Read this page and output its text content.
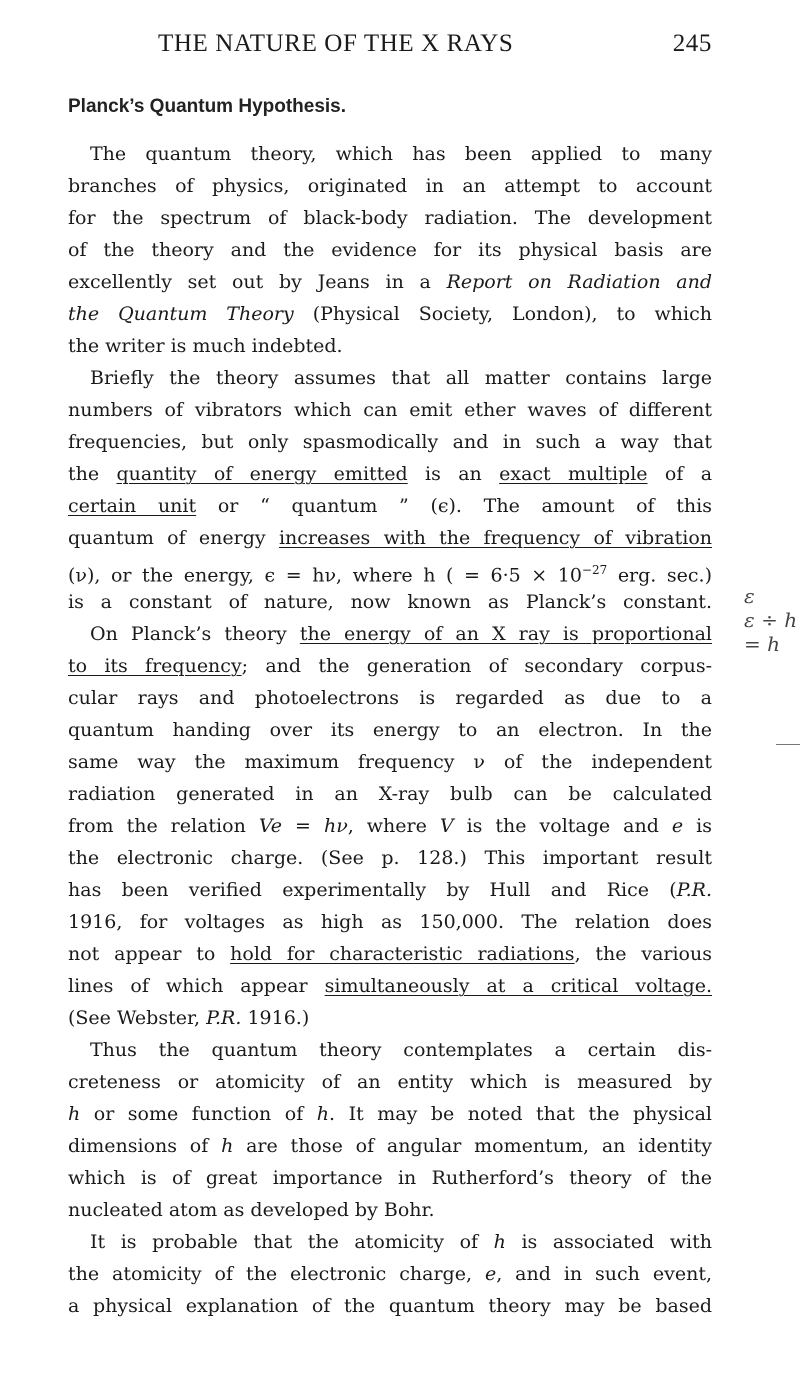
THE NATURE OF THE X RAYS	245
Planck’s Quantum Hypothesis.
The quantum theory, which has been applied to many
branches of physics, originated in an attempt to account
for the spectrum of black-body radiation. The development
of the theory and the evidence for its physical basis are
excellently set out by Jeans in a Report on Radiation and
the Quantum Theory (Physical Society, London), to which
the writer is much indebted.
Briefly the theory assumes that all matter contains large
numbers of vibrators which can emit ether waves of different
frequencies, but only spasmodically and in such a way that
the quantity of energy emitted is an exact multiple of a
certain unit or “ quantum ” (ϵ). The amount of this
quantum of energy increases with the frequency of vibration
(ν), or the energy, ϵ = hν, where h ( = $6\cdot 5 \times 10^{-27}$ erg. sec.)
is a constant of nature, now known as Planck’s constant.
On Planck’s theory the energy of an X ray is proportional
to its frequency; and the generation of secondary corpus-
cular rays and photoelectrons is regarded as due to a
quantum handing over its energy to an electron. In the
same way the maximum frequency ν of the independent
radiation generated in an X-ray bulb can be calculated
from the relation Ve = hν, where V is the voltage and e is
the electronic charge. (See p. 128.) This important result
has been verified experimentally by Hull and Rice (P.R.
1916, for voltages as high as 150,000. The relation does
not appear to hold for characteristic radiations, the various
lines of which appear simultaneously at a critical voltage.
(See Webster, P.R. 1916.)
Thus the quantum theory contemplates a certain dis-
creteness or atomicity of an entity which is measured by
h or some function of h. It may be noted that the physical
dimensions of h are those of angular momentum, an identity
which is of great importance in Rutherford’s theory of the
nucleated atom as developed by Bohr.
It is probable that the atomicity of h is associated with
the atomicity of the electronic charge, e, and in such event,
a physical explanation of the quantum theory may be based
ɛ
ɛ ÷ h
= h
